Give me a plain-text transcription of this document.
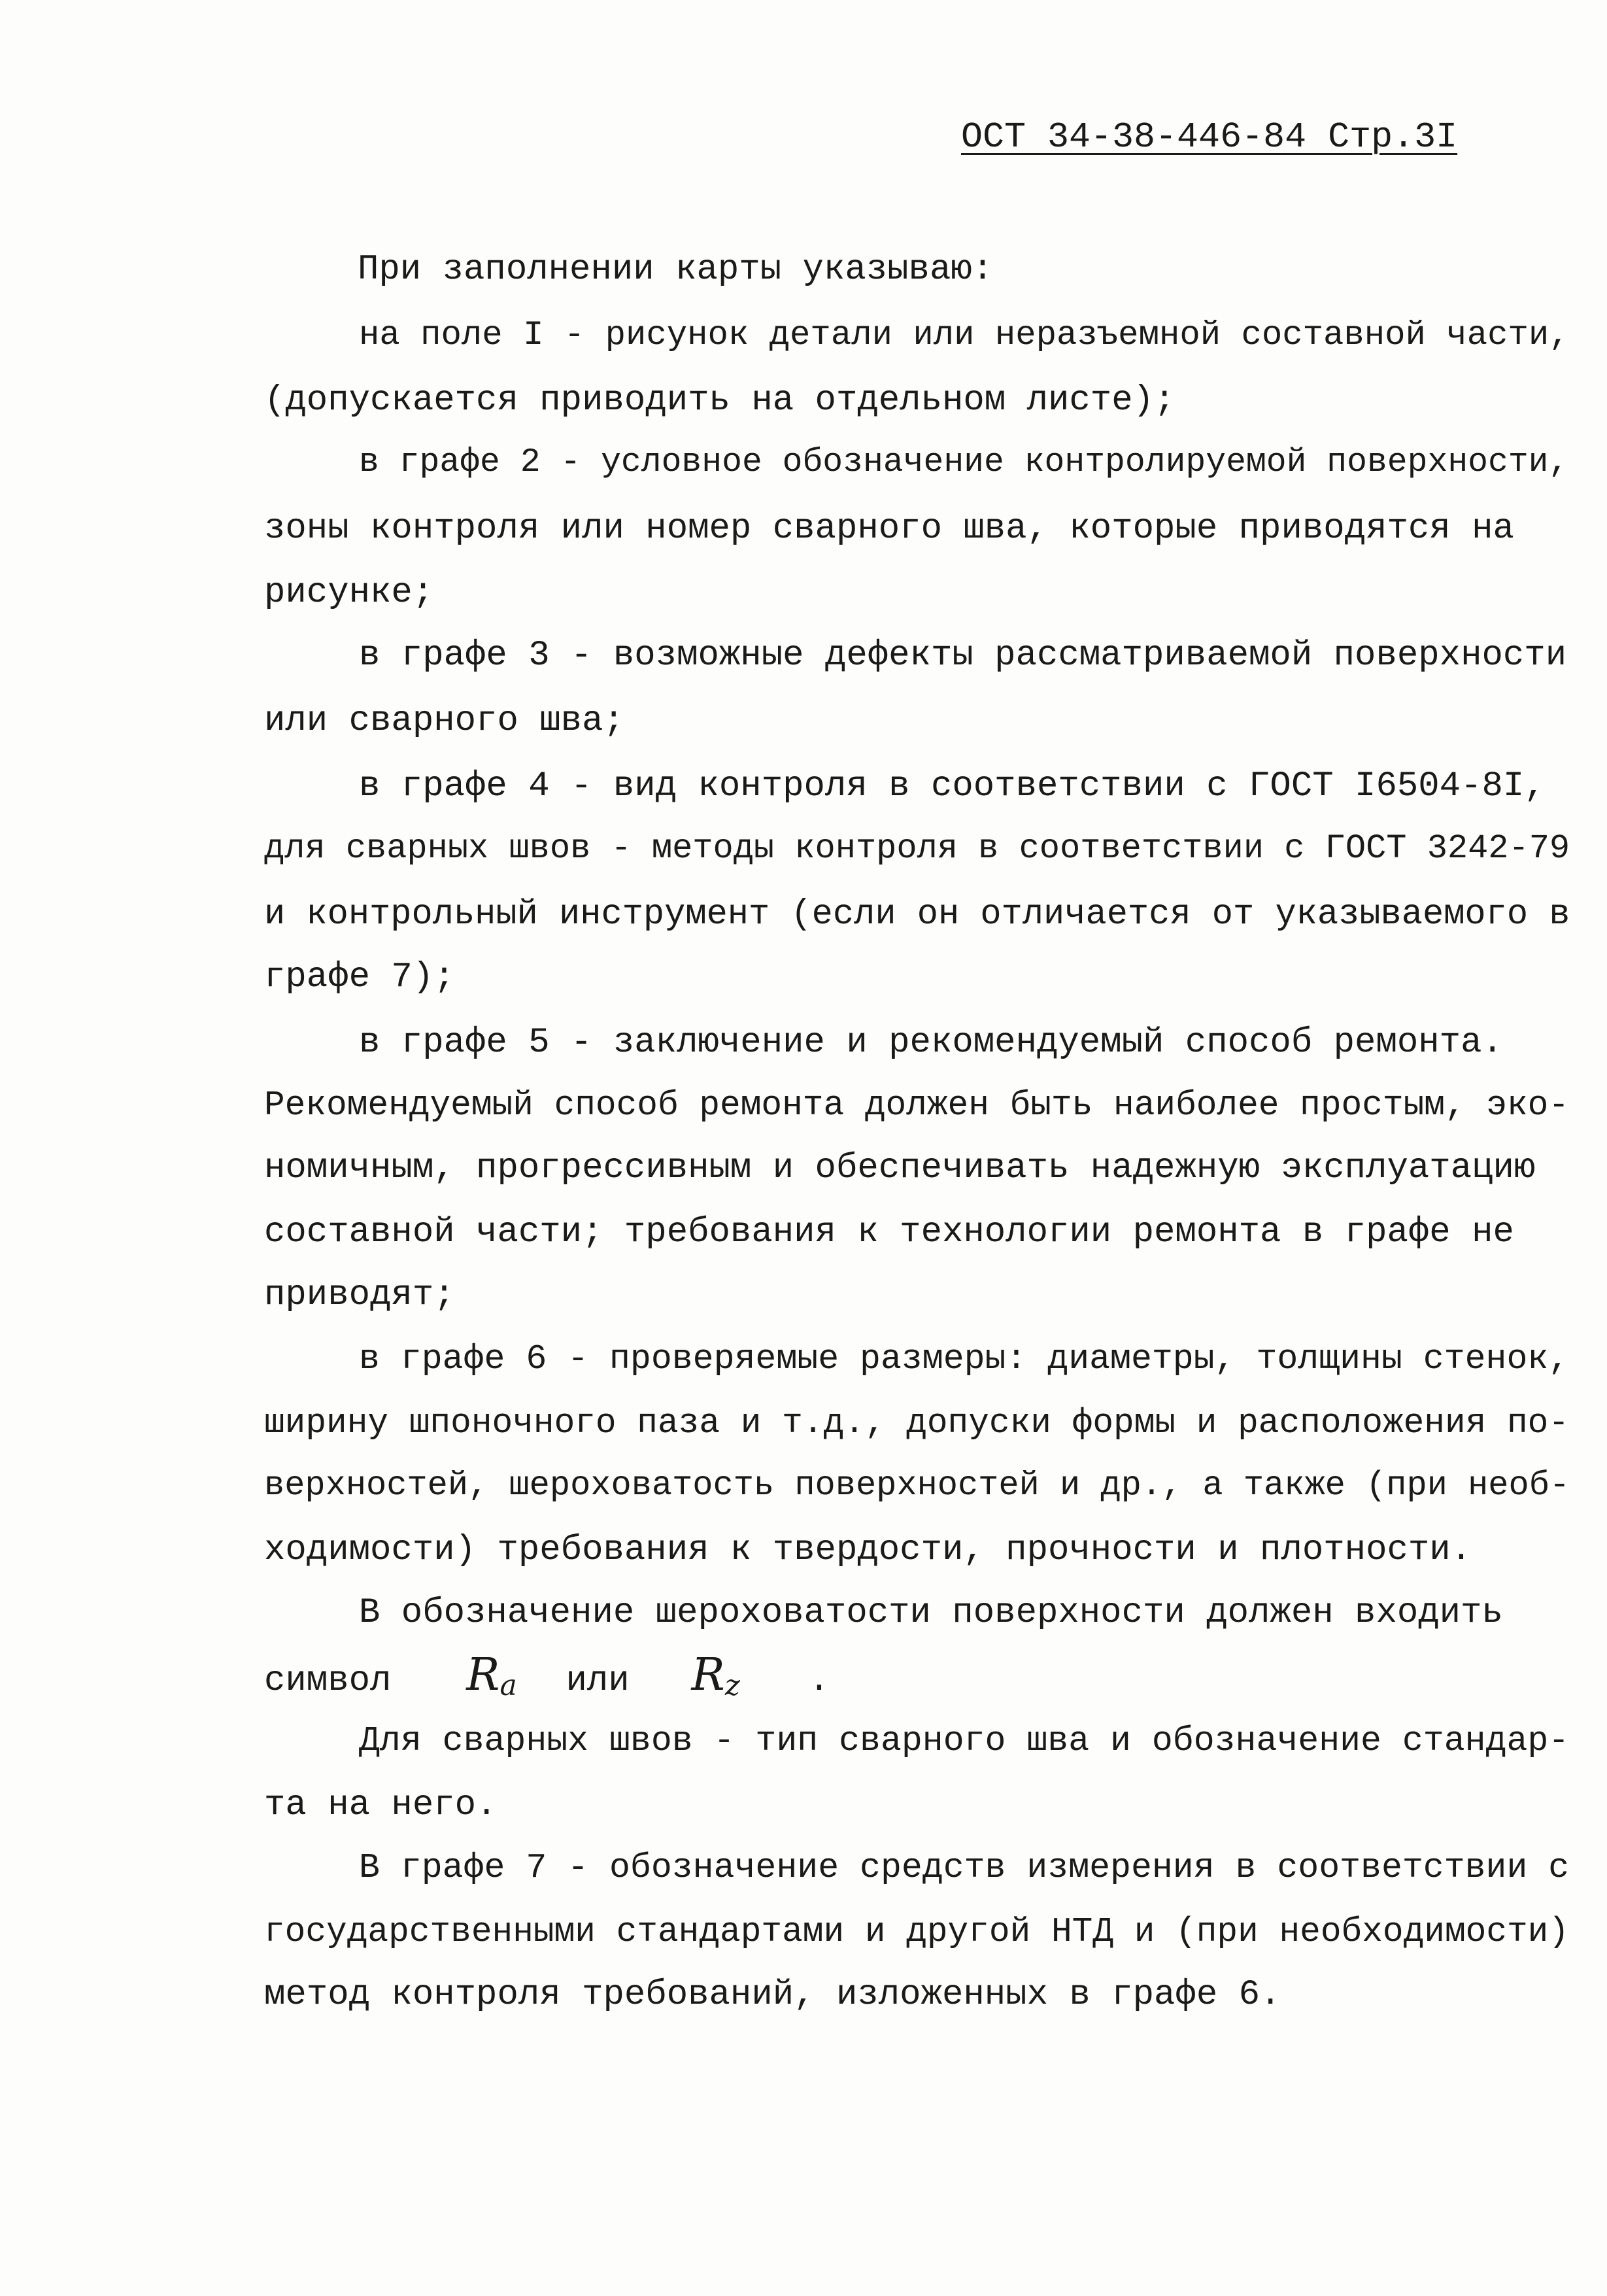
ОСТ 34-38-446-84 Стр.3I
При заполнении карты указываю:
на поле I - рисунок детали или неразъемной составной части,
(допускается приводить на отдельном листе);
в графе 2 - условное обозначение контролируемой поверхности,
зоны контроля или номер сварного шва, которые приводятся на
рисунке;
в графе 3 - возможные дефекты рассматриваемой поверхности
или сварного шва;
в графе 4 - вид контроля в соответствии с ГОСТ I6504-8I,
для сварных швов - методы контроля в соответствии с ГОСТ 3242-79
и контрольный инструмент (если он отличается от указываемого в
графе 7);
в графе 5 - заключение и рекомендуемый способ ремонта.
Рекомендуемый способ ремонта должен быть наиболее простым, эко-
номичным, прогрессивным и обеспечивать надежную эксплуатацию
составной части; требования к технологии ремонта в графе не
приводят;
в графе 6 - проверяемые размеры: диаметры, толщины стенок,
ширину шпоночного паза и т.д., допуски формы и расположения по-
верхностей, шероховатость поверхностей и др., а также (при необ-
ходимости) требования к твердости, прочности и плотности.
В обозначение шероховатости поверхности должен входить
символ $R_a$ или $R_z$ .
Для сварных швов - тип сварного шва и обозначение стандар-
та на него.
В графе 7 - обозначение средств измерения в соответствии с
государственными стандартами и другой НТД и (при необходимости)
метод контроля требований, изложенных в графе 6.
